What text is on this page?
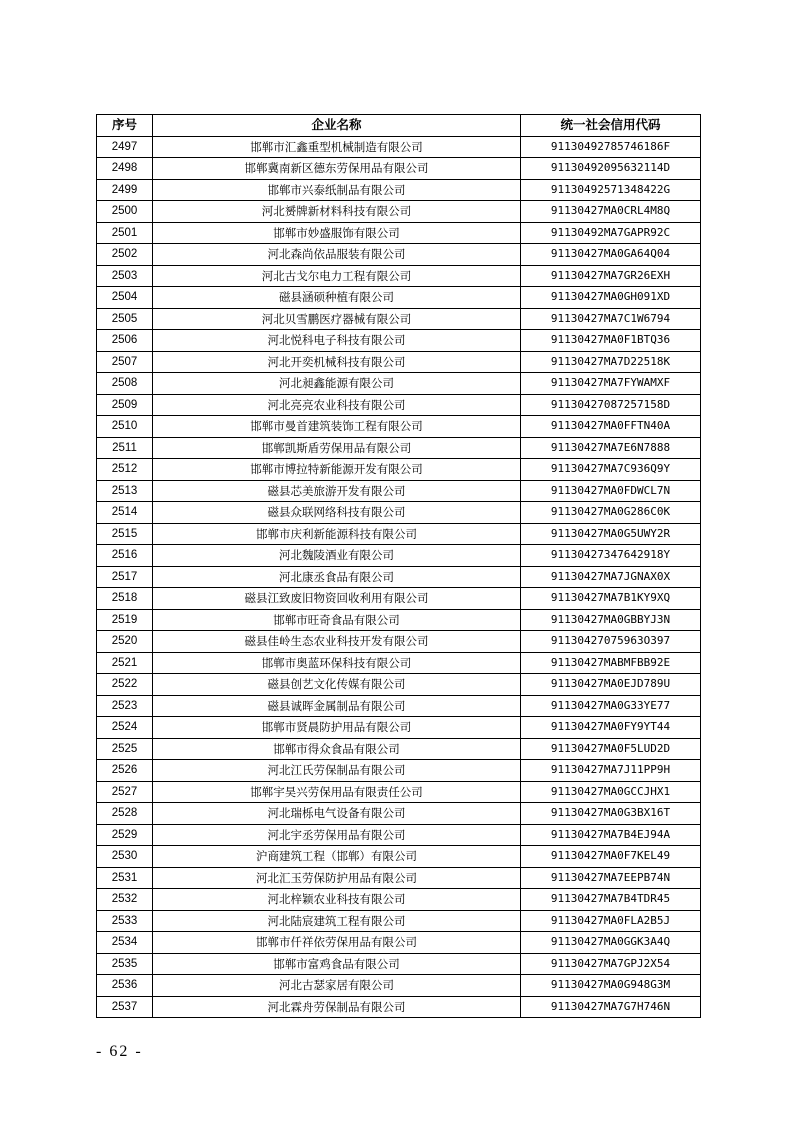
序号	企业名称	统一社会信用代码
2497	邯郸市汇鑫重型机械制造有限公司	91130492785746186F
2498	邯郸冀南新区德东劳保用品有限公司	91130492095632114D
2499	邯郸市兴泰纸制品有限公司	91130492571348422G
2500	河北赟牌新材料科技有限公司	91130427MA0CRL4M8Q
2501	邯郸市妙盛服饰有限公司	91130492MA7GAPR92C
2502	河北森尚依品服装有限公司	91130427MA0GA64Q04
2503	河北古戈尔电力工程有限公司	91130427MA7GR26EXH
2504	磁县涵硕种植有限公司	91130427MA0GH091XD
2505	河北贝雪鹏医疗器械有限公司	91130427MA7C1W6794
2506	河北悦科电子科技有限公司	91130427MA0F1BTQ36
2507	河北开奕机械科技有限公司	91130427MA7D22518K
2508	河北昶鑫能源有限公司	91130427MA7FYWAMXF
2509	河北亮亮农业科技有限公司	91130427087257158D
2510	邯郸市曼首建筑装饰工程有限公司	91130427MA0FFTN40A
2511	邯郸凯斯盾劳保用品有限公司	91130427MA7E6N7888
2512	邯郸市博拉特新能源开发有限公司	91130427MA7C936Q9Y
2513	磁县芯美旅游开发有限公司	91130427MA0FDWCL7N
2514	磁县众联网络科技有限公司	91130427MA0G286C0K
2515	邯郸市庆利新能源科技有限公司	91130427MA0G5UWY2R
2516	河北魏陵酒业有限公司	91130427347642918Y
2517	河北康丞食品有限公司	91130427MA7JGNAX0X
2518	磁县江致废旧物资回收利用有限公司	91130427MA7B1KY9XQ
2519	邯郸市旺奇食品有限公司	91130427MA0GBBYJ3N
2520	磁县佳岭生态农业科技开发有限公司	91130427075963O397
2521	邯郸市奥蓝环保科技有限公司	91130427MABMFBB92E
2522	磁县创艺文化传媒有限公司	91130427MA0EJD789U
2523	磁县诚晖金属制品有限公司	91130427MA0G33YE77
2524	邯郸市贤晨防护用品有限公司	91130427MA0FY9YT44
2525	邯郸市得众食品有限公司	91130427MA0F5LUD2D
2526	河北江氏劳保制品有限公司	91130427MA7J11PP9H
2527	邯郸宇昊兴劳保用品有限责任公司	91130427MA0GCCJHX1
2528	河北瑞栎电气设备有限公司	91130427MA0G3BX16T
2529	河北宇丞劳保用品有限公司	91130427MA7B4EJ94A
2530	沪商建筑工程（邯郸）有限公司	91130427MA0F7KEL49
2531	河北汇玉劳保防护用品有限公司	91130427MA7EEPB74N
2532	河北梓颖农业科技有限公司	91130427MA7B4TDR45
2533	河北陆宸建筑工程有限公司	91130427MA0FLA2B5J
2534	邯郸市仟祥依劳保用品有限公司	91130427MA0GGK3A4Q
2535	邯郸市富鸡食品有限公司	91130427MA7GPJ2X54
2536	河北古瑟家居有限公司	91130427MA0G948G3M
2537	河北霖舟劳保制品有限公司	91130427MA7G7H746N
- 62 -
